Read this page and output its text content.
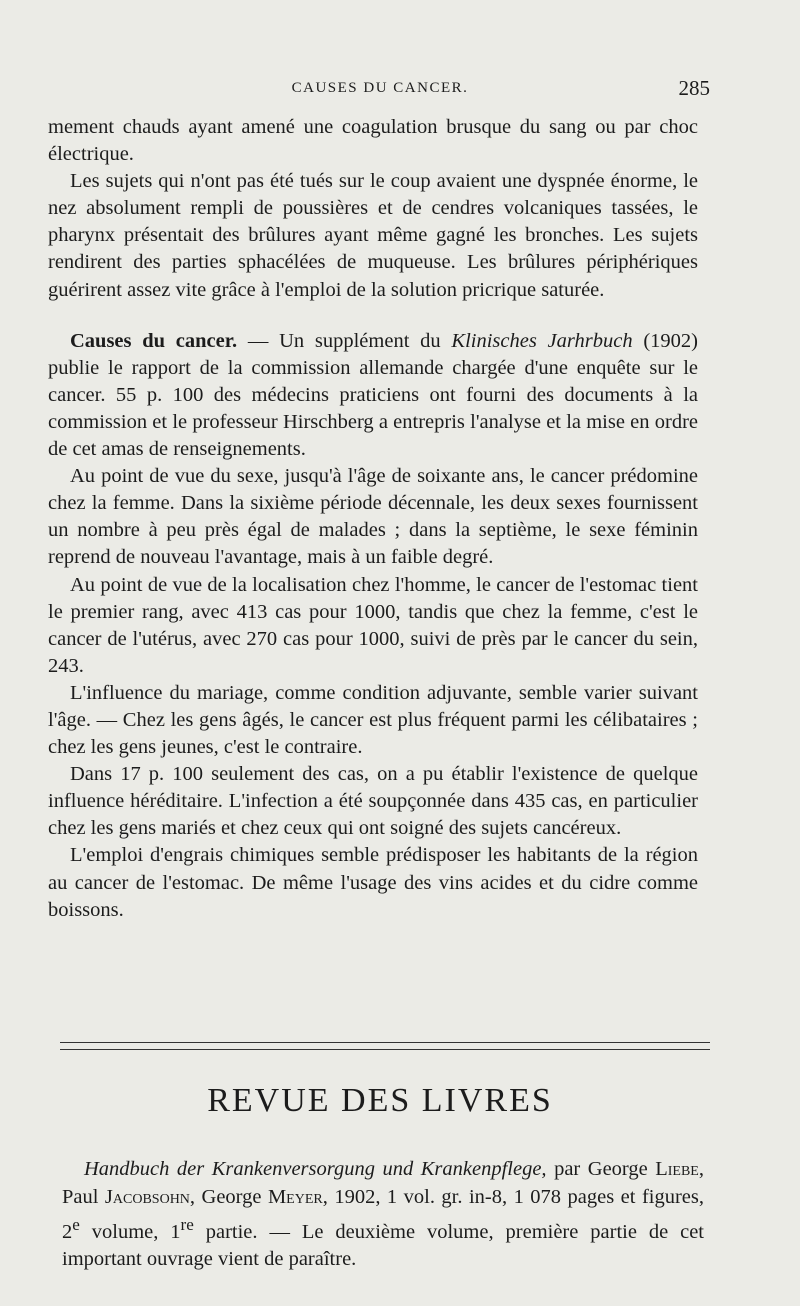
CAUSES DU CANCER.	285

mement chauds ayant amené une coagulation brusque du sang ou par choc électrique.

Les sujets qui n'ont pas été tués sur le coup avaient une dyspnée énorme, le nez absolument rempli de poussières et de cendres volcaniques tassées, le pharynx présentait des brûlures ayant même gagné les bronches. Les sujets rendirent des parties sphacélées de muqueuse. Les brûlures périphériques guérirent assez vite grâce à l'emploi de la solution pricrique saturée.

Causes du cancer. — Un supplément du Klinisches Jarhrbuch (1902) publie le rapport de la commission allemande chargée d'une enquête sur le cancer. 55 p. 100 des médecins praticiens ont fourni des documents à la commission et le professeur Hirschberg a entrepris l'analyse et la mise en ordre de cet amas de renseignements.

Au point de vue du sexe, jusqu'à l'âge de soixante ans, le cancer prédomine chez la femme. Dans la sixième période décennale, les deux sexes fournissent un nombre à peu près égal de malades ; dans la septième, le sexe féminin reprend de nouveau l'avantage, mais à un faible degré.

Au point de vue de la localisation chez l'homme, le cancer de l'estomac tient le premier rang, avec 413 cas pour 1000, tandis que chez la femme, c'est le cancer de l'utérus, avec 270 cas pour 1000, suivi de près par le cancer du sein, 243.

L'influence du mariage, comme condition adjuvante, semble varier suivant l'âge. — Chez les gens âgés, le cancer est plus fréquent parmi les célibataires ; chez les gens jeunes, c'est le contraire.

Dans 17 p. 100 seulement des cas, on a pu établir l'existence de quelque influence héréditaire. L'infection a été soupçonnée dans 435 cas, en particulier chez les gens mariés et chez ceux qui ont soigné des sujets cancéreux.

L'emploi d'engrais chimiques semble prédisposer les habitants de la région au cancer de l'estomac. De même l'usage des vins acides et du cidre comme boissons.

REVUE DES LIVRES

Handbuch der Krankenversorgung und Krankenpflege, par George Liebe, Paul Jacobsohn, George Meyer, 1902, 1 vol. gr. in-8, 1 078 pages et figures, 2e volume, 1re partie. — Le deuxième volume, première partie de cet important ouvrage vient de paraître.
